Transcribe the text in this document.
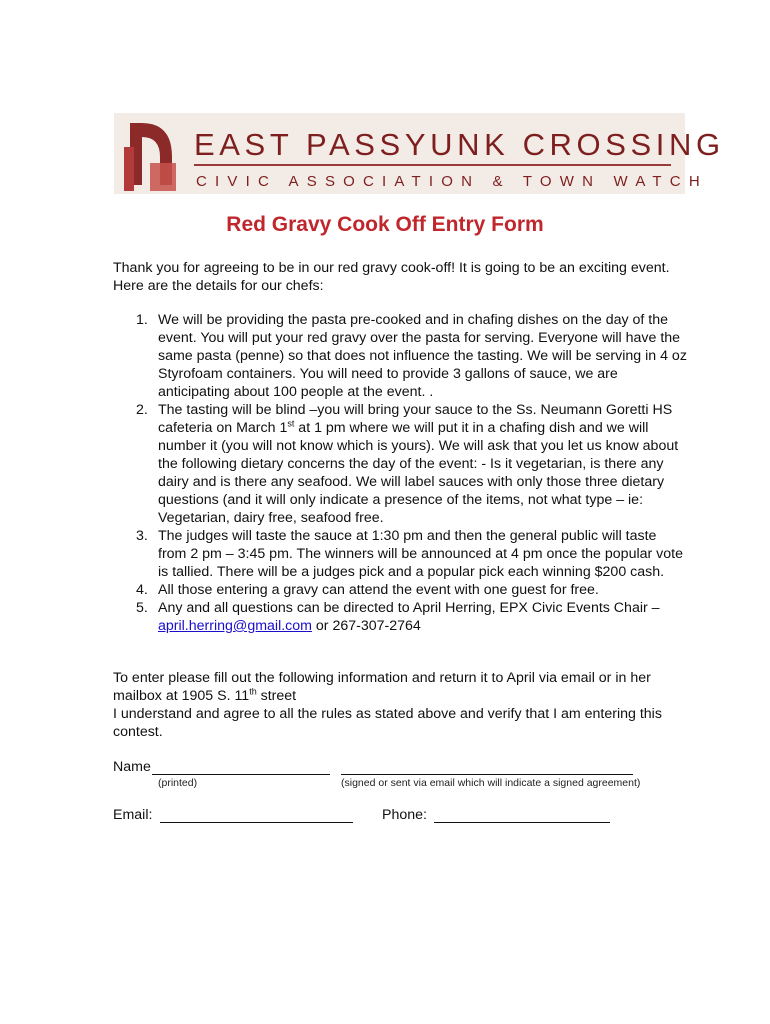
EAST PASSYUNK CROSSING
CIVIC ASSOCIATION & TOWN WATCH
Red Gravy Cook Off Entry Form
Thank you for agreeing to be in our red gravy cook-off! It is going to be an exciting event. Here are the details for our chefs:
1. We will be providing the pasta pre-cooked and in chafing dishes on the day of the event. You will put your red gravy over the pasta for serving. Everyone will have the same pasta (penne) so that does not influence the tasting. We will be serving in 4 oz Styrofoam containers. You will need to provide 3 gallons of sauce, we are anticipating about 100 people at the event. .
2. The tasting will be blind –you will bring your sauce to the Ss. Neumann Goretti HS cafeteria on March 1st at 1 pm where we will put it in a chafing dish and we will number it (you will not know which is yours). We will ask that you let us know about the following dietary concerns the day of the event: - Is it vegetarian, is there any dairy and is there any seafood. We will label sauces with only those three dietary questions (and it will only indicate a presence of the items, not what type – ie: Vegetarian, dairy free, seafood free.
3. The judges will taste the sauce at 1:30 pm and then the general public will taste from 2 pm – 3:45 pm. The winners will be announced at 4 pm once the popular vote is tallied. There will be a judges pick and a popular pick each winning $200 cash.
4. All those entering a gravy can attend the event with one guest for free.
5. Any and all questions can be directed to April Herring, EPX Civic Events Chair – april.herring@gmail.com or 267-307-2764
To enter please fill out the following information and return it to April via email or in her mailbox at 1905 S. 11th street
I understand and agree to all the rules as stated above and verify that I am entering this contest.
Name
(printed)	(signed or sent via email which will indicate a signed agreement)
Email:	Phone:
